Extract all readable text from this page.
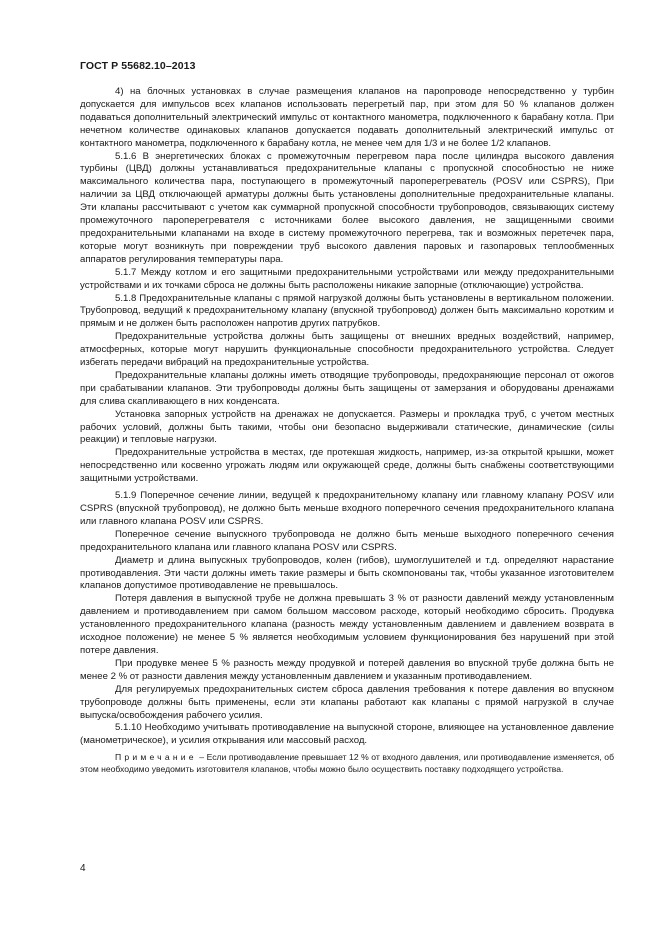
ГОСТ Р 55682.10–2013

4) на блочных установках в случае размещения клапанов на паропроводе непосредственно у турбин допускается для импульсов всех клапанов использовать перегретый пар, при этом для 50 % клапанов должен подаваться дополнительный электрический импульс от контактного манометра, подключенного к барабану котла. При нечетном количестве одинаковых клапанов допускается подавать дополнительный электрический импульс от контактного манометра, подключенного к барабану котла, не менее чем для 1/3 и не более 1/2 клапанов.

5.1.6 В энергетических блоках с промежуточным перегревом пара после цилиндра высокого давления турбины (ЦВД) должны устанавливаться предохранительные клапаны с пропускной способностью не ниже максимального количества пара, поступающего в промежуточный пароперегреватель (POSV или CSPRS), При наличии за ЦВД отключающей арматуры должны быть установлены дополнительные предохранительные клапаны. Эти клапаны рассчитывают с учетом как суммарной пропускной способности трубопроводов, связывающих систему промежуточного пароперегревателя с источниками более высокого давления, не защищенными своими предохранительными клапанами на входе в систему промежуточного перегрева, так и возможных перетечек пара, которые могут возникнуть при повреждении труб высокого давления паровых и газопаровых теплообменных аппаратов регулирования температуры пара.

5.1.7 Между котлом и его защитными предохранительными устройствами или между предохранительными устройствами и их точками сброса не должны быть расположены никакие запорные (отключающие) устройства.

5.1.8 Предохранительные клапаны с прямой нагрузкой должны быть установлены в вертикальном положении. Трубопровод, ведущий к предохранительному клапану (впускной трубопровод) должен быть максимально коротким и прямым и не должен быть расположен напротив других патрубков.

Предохранительные устройства должны быть защищены от внешних вредных воздействий, например, атмосферных, которые могут нарушить функциональные способности предохранительного устройства. Следует избегать передачи вибраций на предохранительные устройства.

Предохранительные клапаны должны иметь отводящие трубопроводы, предохраняющие персонал от ожогов при срабатывании клапанов. Эти трубопроводы должны быть защищены от замерзания и оборудованы дренажами для слива скапливающего в них конденсата.

Установка запорных устройств на дренажах не допускается. Размеры и прокладка труб, с учетом местных рабочих условий, должны быть такими, чтобы они безопасно выдерживали статические, динамические (силы реакции) и тепловые нагрузки.

Предохранительные устройства в местах, где протекшая жидкость, например, из-за открытой крышки, может непосредственно или косвенно угрожать людям или окружающей среде, должны быть снабжены соответствующими защитными устройствами.

5.1.9 Поперечное сечение линии, ведущей к предохранительному клапану или главному клапану POSV или CSPRS (впускной трубопровод), не должно быть меньше входного поперечного сечения предохранительного клапана или главного клапана POSV или CSPRS.

Поперечное сечение выпускного трубопровода не должно быть меньше выходного поперечного сечения предохранительного клапана или главного клапана POSV или CSPRS.

Диаметр и длина выпускных трубопроводов, колен (гибов), шумоглушителей и т.д. определяют нарастание противодавления. Эти части должны иметь такие размеры и быть скомпонованы так, чтобы указанное изготовителем клапанов допустимое противодавление не превышалось.

Потеря давления в выпускной трубе не должна превышать 3 % от разности давлений между установленным давлением и противодавлением при самом большом массовом расходе, который необходимо сбросить. Продувка установленного предохранительного клапана (разность между установленным давлением и давлением возврата в исходное положение) не менее 5 % является необходимым условием функционирования без нарушений при этой потере давления.

При продувке менее 5 % разность между продувкой и потерей давления во впускной трубе должна быть не менее 2 % от разности давления между установленным давлением и указанным противодавлением.

Для регулируемых предохранительных систем сброса давления требования к потере давления во впускном трубопроводе должны быть применены, если эти клапаны работают как клапаны с прямой нагрузкой в случае выпуска/освобождения рабочего усилия.

5.1.10 Необходимо учитывать противодавление на выпускной стороне, влияющее на установленное давление (манометрическое), и усилия открывания или массовый расход.

Примечание – Если противодавление превышает 12 % от входного давления, или противодавление изменяется, об этом необходимо уведомить изготовителя клапанов, чтобы можно было осуществить поставку подходящего устройства.

4
